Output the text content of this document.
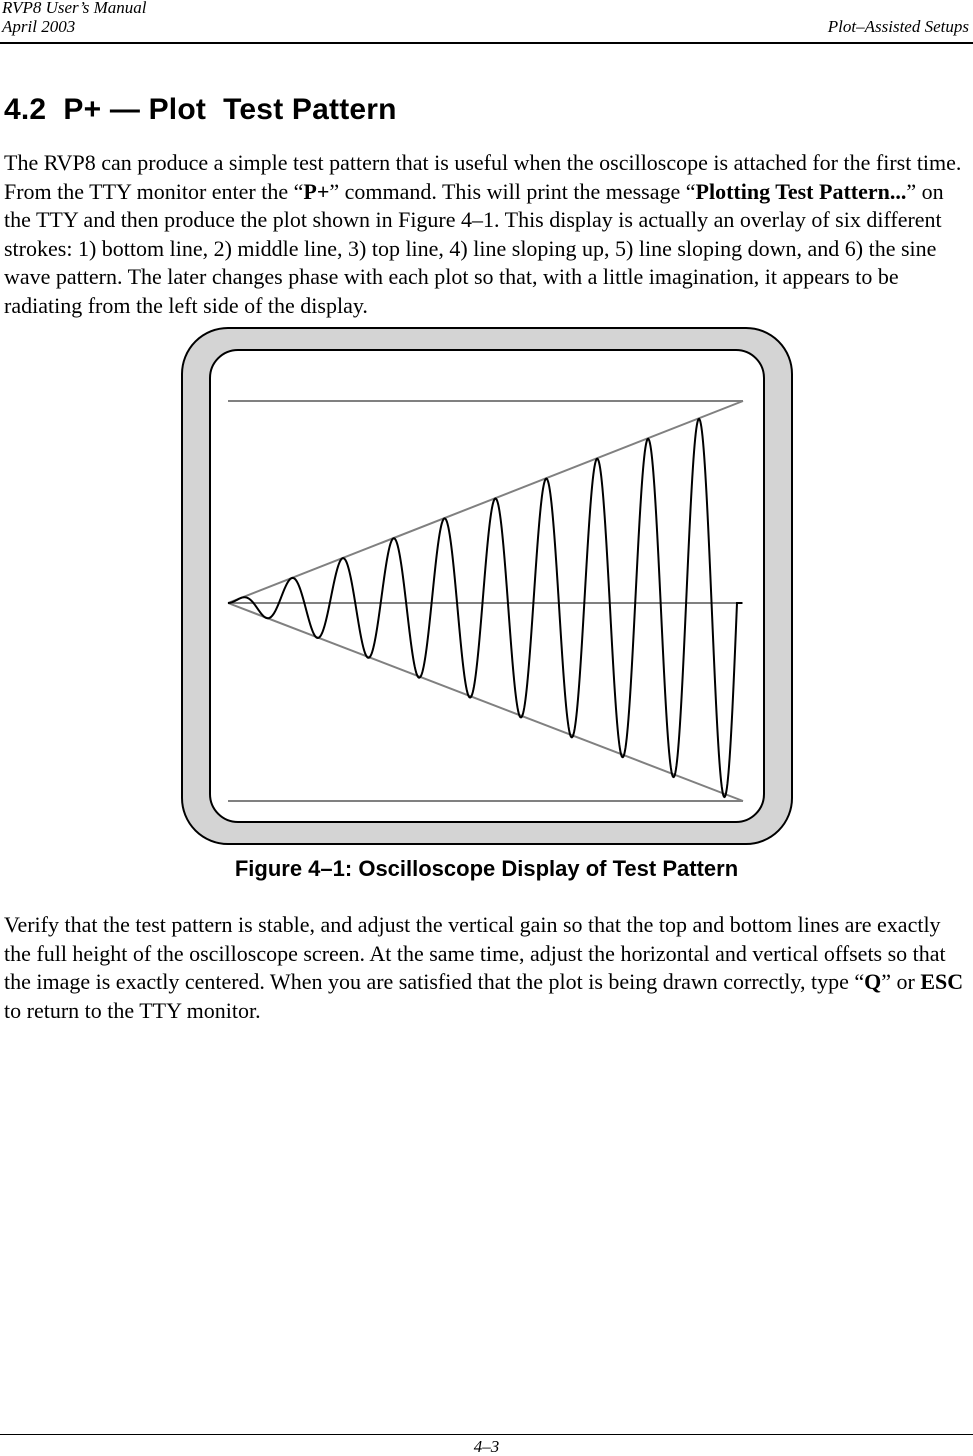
RVP8 User’s Manual
April 2003	Plot–Assisted Setups
4.2 P+ — Plot  Test Pattern

The RVP8 can produce a simple test pattern that is useful when the oscilloscope is attached for the first time. From the TTY monitor enter the “P+” command. This will print the message “Plotting Test Pattern...” on the TTY and then produce the plot shown in Figure 4–1. This display is actually an overlay of six different strokes: 1) bottom line, 2) middle line, 3) top line, 4) line sloping up, 5) line sloping down, and 6) the sine wave pattern. The later changes phase with each plot so that, with a little imagination, it appears to be radiating from the left side of the display.

Figure 4–1: Oscilloscope Display of Test Pattern

Verify that the test pattern is stable, and adjust the vertical gain so that the top and bottom lines are exactly the full height of the oscilloscope screen. At the same time, adjust the horizontal and vertical offsets so that the image is exactly centered. When you are satisfied that the plot is being drawn correctly, type “Q” or ESC to return to the TTY monitor.

4–3
